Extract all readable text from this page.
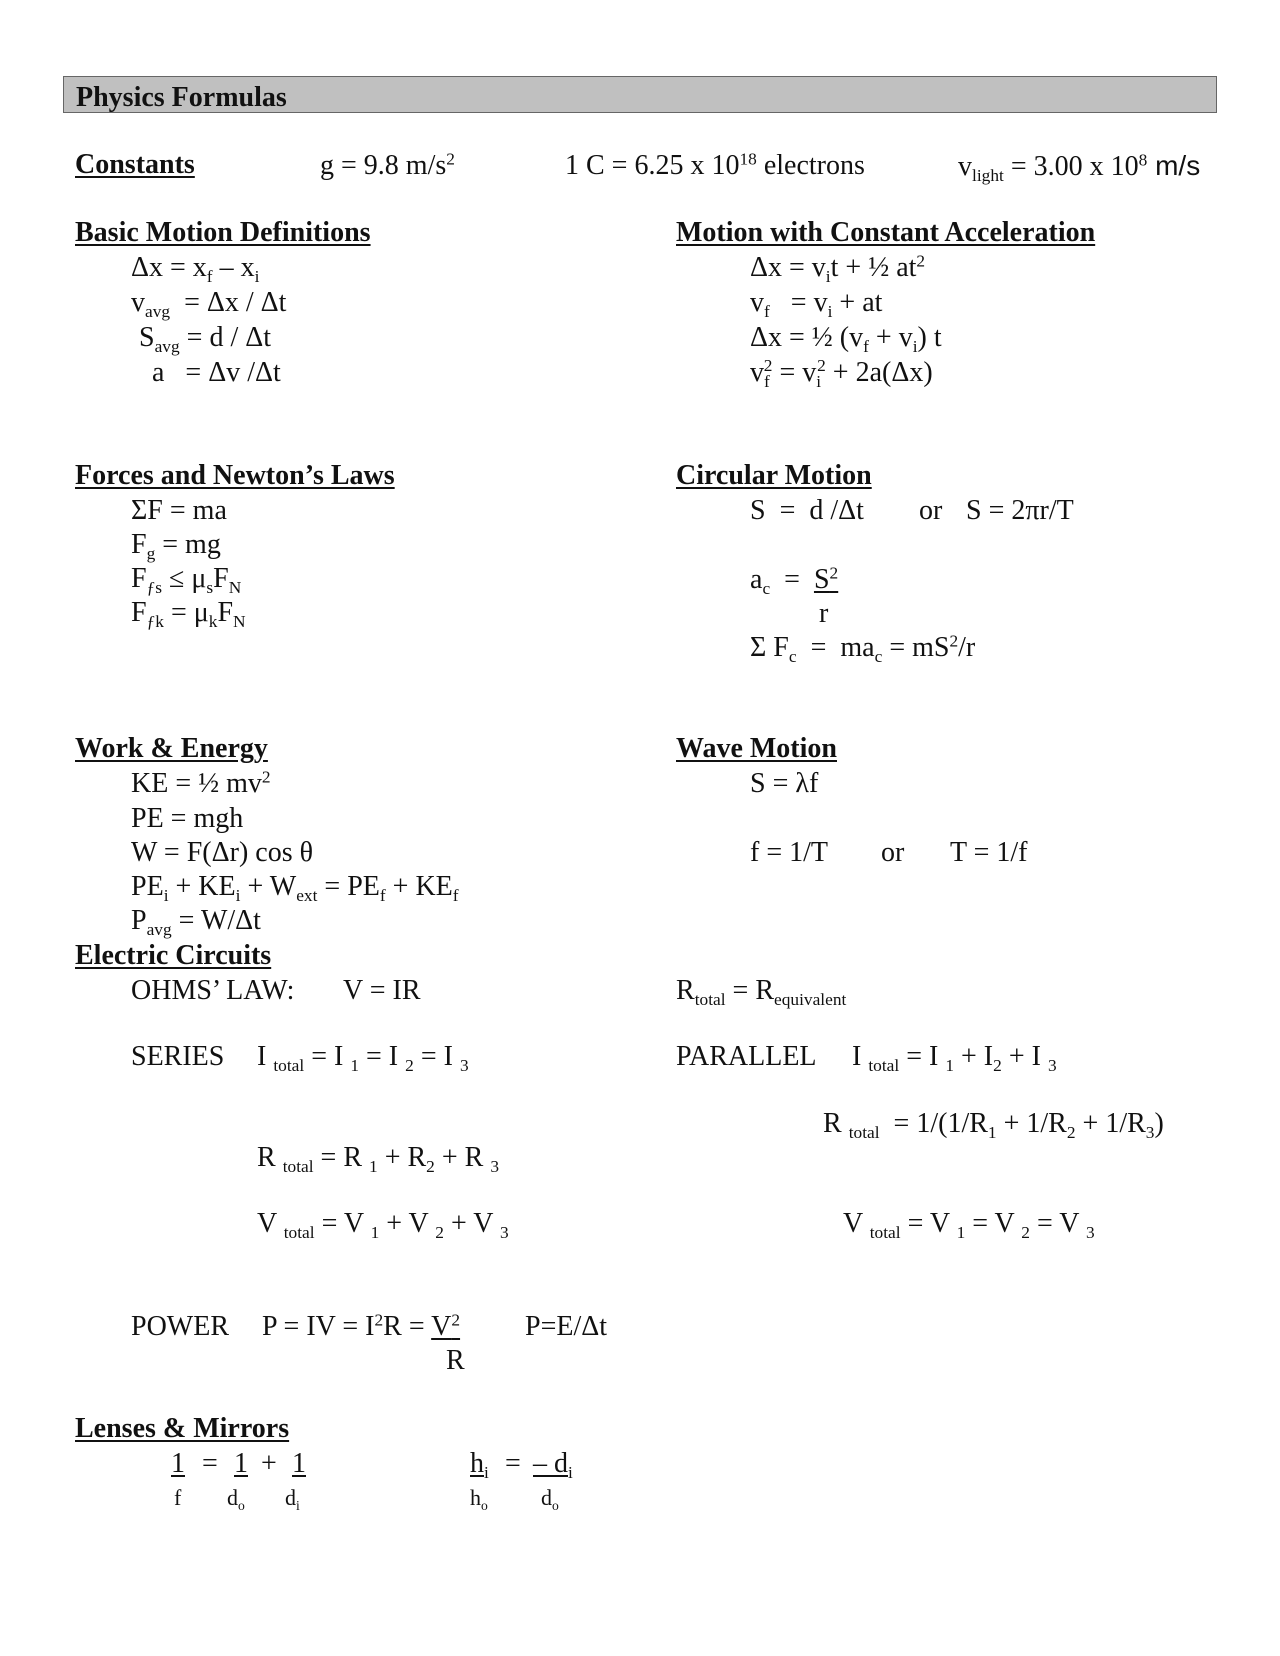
Physics Formulas
Constants	g = 9.8 $m/s^2$	1 C = 6.25 x $10^{18}$ electrons	$v_{light} = 3.00$ x $10^8$ m/s
Basic Motion Definitions
$\Delta x = x_f - x_i$
$v_{avg} = \Delta x / \Delta t$
$S_{avg} = d / \Delta t$
a   = Δv /Δt
Motion with Constant Acceleration
$\Delta x = v_it$ + ½ $at^2$
$v_f = v_i$ + at
Δx = ½ $(v_f + v_i)$ t
$v_f^2 = v_i^2 + 2a(\Delta x)$
Forces and Newton’s Laws
ΣF = ma
$F_g$ = mg
$F_{ƒs} \le \mu_sF_N$
$F_{ƒk} = \mu_kF_N$
Circular Motion
S  =  d /Δt or S = 2πr/T
$a_c = S^2$
r
Σ $F_c = ma_c = mS^2/r$
Work & Energy
KE = ½ $mv^2$
PE = mgh
W = F(Δr) cos θ
$PE_i + KE_i + W_{ext} = PE_f + KE_f$
$P_{avg} = W/\Delta t$
Wave Motion
S = λf
f = 1/T or T = 1/f
Electric Circuits
OHMS’ LAW: V = IR	$R_{total} = R_{equivalent}$
SERIES I $_{total}$ = I $_1$ = I $_2$ = I $_3$	PARALLEL I $_{total}$ = I $_1 + I_2 + I$ $_3$
R $_{total} = 1/(1/R_1 + 1/R_2 + 1/R_3)$
R $_{total}$ = R $_1 + R_2 + R$ $_3$
V $_{total}$ = V $_1$ + V $_2$ + V $_3$	V $_{total}$ = V $_1$ = V $_2$ = V $_3$
POWER P = IV = $I^2R = V^2$
R
P=E/Δt
Lenses & Mirrors
1
f
= 1
$d_o$
+ 1
$d_i$
$h_i$
$h_o$
= – $d_i$
$d_o$
